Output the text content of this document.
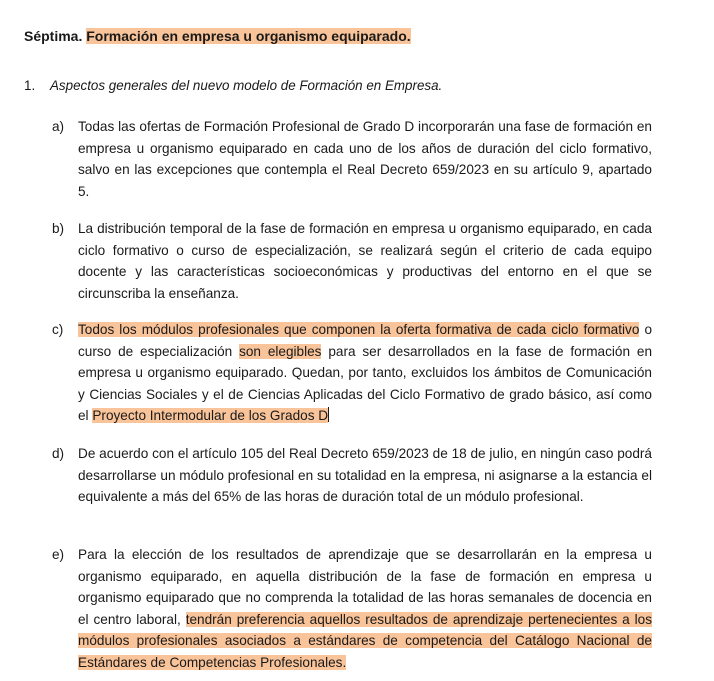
Séptima. Formación en empresa u organismo equiparado.
1. Aspectos generales del nuevo modelo de Formación en Empresa.
a) Todas las ofertas de Formación Profesional de Grado D incorporarán una fase de formación en empresa u organismo equiparado en cada uno de los años de duración del ciclo formativo, salvo en las excepciones que contempla el Real Decreto 659/2023 en su artículo 9, apartado 5.
b) La distribución temporal de la fase de formación en empresa u organismo equiparado, en cada ciclo formativo o curso de especialización, se realizará según el criterio de cada equipo docente y las características socioeconómicas y productivas del entorno en el que se circunscriba la enseñanza.
c) Todos los módulos profesionales que componen la oferta formativa de cada ciclo formativo o curso de especialización son elegibles para ser desarrollados en la fase de formación en empresa u organismo equiparado. Quedan, por tanto, excluidos los ámbitos de Comunicación y Ciencias Sociales y el de Ciencias Aplicadas del Ciclo Formativo de grado básico, así como el Proyecto Intermodular de los Grados D
d) De acuerdo con el artículo 105 del Real Decreto 659/2023 de 18 de julio, en ningún caso podrá desarrollarse un módulo profesional en su totalidad en la empresa, ni asignarse a la estancia el equivalente a más del 65% de las horas de duración total de un módulo profesional.
e) Para la elección de los resultados de aprendizaje que se desarrollarán en la empresa u organismo equiparado, en aquella distribución de la fase de formación en empresa u organismo equiparado que no comprenda la totalidad de las horas semanales de docencia en el centro laboral, tendrán preferencia aquellos resultados de aprendizaje pertenecientes a los módulos profesionales asociados a estándares de competencia del Catálogo Nacional de Estándares de Competencias Profesionales.
